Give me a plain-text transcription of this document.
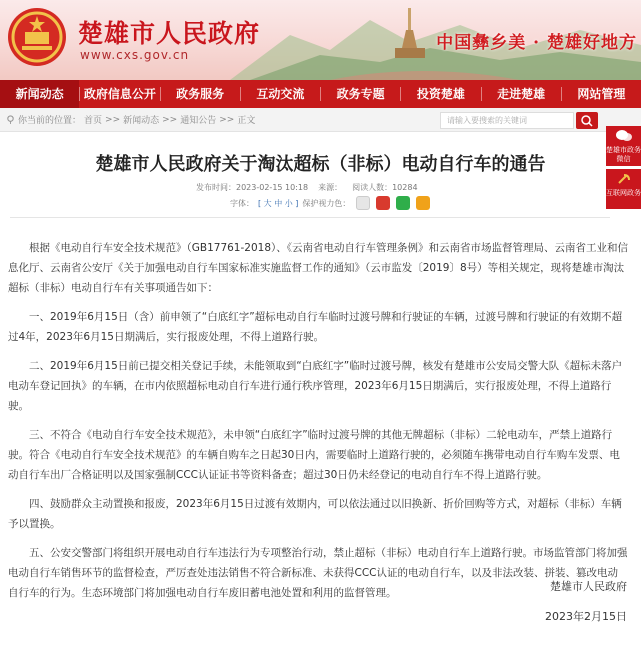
楚雄市人民政府
www.cxs.gov.cn
中国彝乡美 · 楚雄好地方
新闻动态	政府信息公开	政务服务	互动交流	政务专题	投资楚雄	走进楚雄	网站管理
你当前的位置： 首页 >> 新闻动态 >> 通知公告 >> 正文	请输入要搜索的关键词
楚雄市政务微信
互联网政务
楚雄市人民政府关于淘汰超标（非标）电动自行车的通告
发布时间：2023-02-15 10:18 来源： 阅读人数：10284
字体： [ 大 中 小 ] 保护视力色：

根据《电动自行车安全技术规范》（GB17761-2018）、《云南省电动自行车管理条例》和云南省市场监督管理局、云南省工业和信息化厅、云南省公安厅《关于加强电动自行车国家标准实施监督工作的通知》（云市监发〔2019〕8号）等相关规定，现将楚雄市淘汰超标（非标）电动自行车有关事项通告如下：

一、2019年6月15日（含）前申领了“白底红字”超标电动自行车临时过渡号牌和行驶证的车辆，过渡号牌和行驶证的有效期不超过4年，2023年6月15日期满后，实行报废处理，不得上道路行驶。

二、2019年6月15日前已提交相关登记手续，未能领取到“白底红字”临时过渡号牌，核发有楚雄市公安局交警大队《超标未落户电动车登记回执》的车辆，在市内依照超标电动自行车进行通行秩序管理，2023年6月15日期满后，实行报废处理，不得上道路行驶。

三、不符合《电动自行车安全技术规范》，未申领“白底红字”临时过渡号牌的其他无牌超标（非标）二轮电动车，严禁上道路行驶。符合《电动自行车安全技术规范》的车辆自购车之日起30日内，需要临时上道路行驶的，必须随车携带电动自行车购车发票、电动自行车出厂合格证明以及国家强制CCC认证证书等资料备查；超过30日仍未经登记的电动自行车不得上道路行驶。

四、鼓励群众主动置换和报废，2023年6月15日过渡有效期内，可以依法通过以旧换新、折价回购等方式，对超标（非标）车辆予以置换。

五、公安交警部门将组织开展电动自行车违法行为专项整治行动，禁止超标（非标）电动自行车上道路行驶。市场监管部门将加强电动自行车销售环节的监督检查，严厉查处违法销售不符合新标准、未获得CCC认证的电动自行车，以及非法改装、拼装、篡改电动自行车的行为。生态环境部门将加强电动自行车废旧蓄电池处置和利用的监督管理。	楚雄市人民政府
2023年2月15日
